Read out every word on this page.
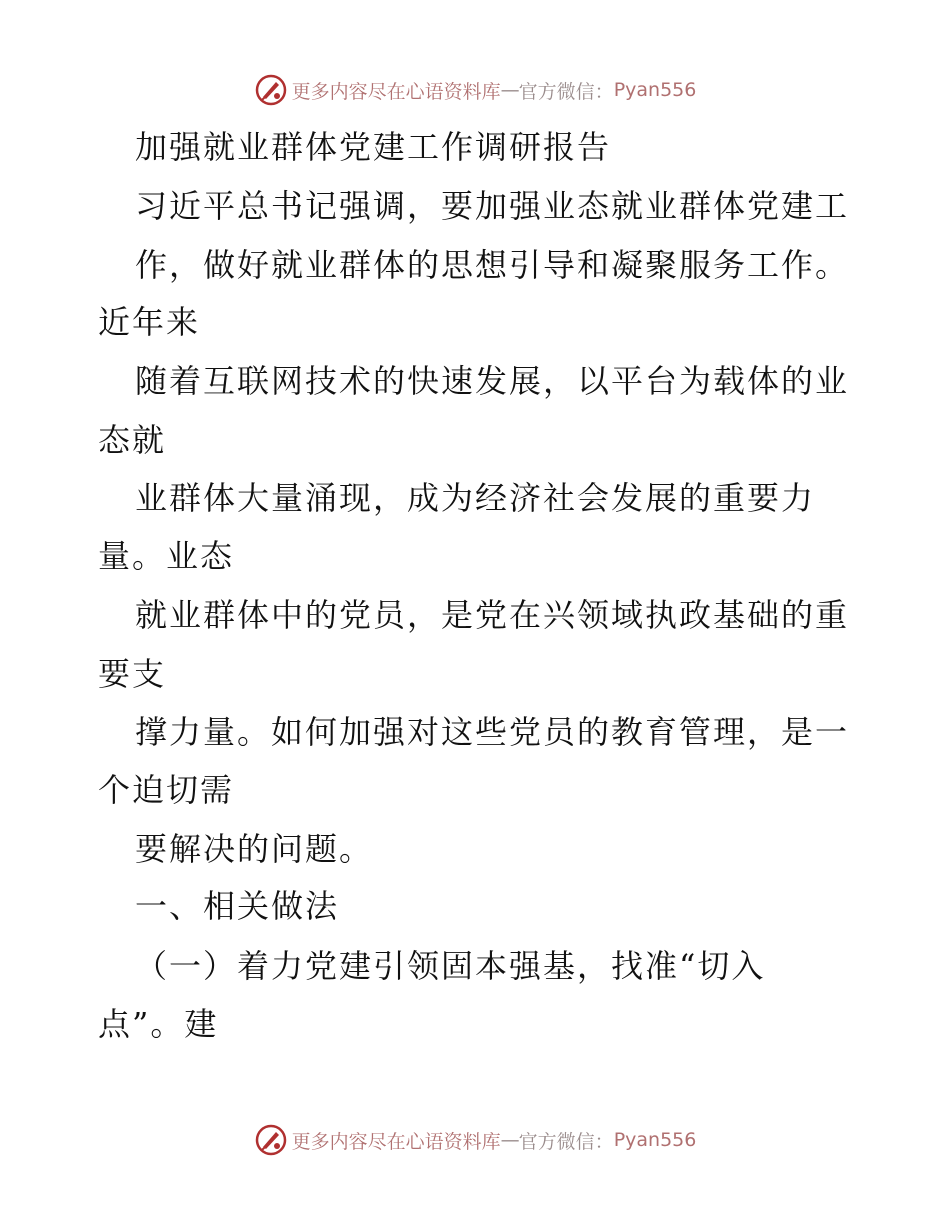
更多内容尽在心语资料库 — 官方微信： Pyan556
加强就业群体党建工作调研报告
习近平总书记强调，要加强业态就业群体党建工
作，做好就业群体的思想引导和凝聚服务工作。
近年来
随着互联网技术的快速发展，以平台为载体的业
态就
业群体大量涌现，成为经济社会发展的重要力
量。业态
就业群体中的党员，是党在兴领域执政基础的重
要支
撑力量。如何加强对这些党员的教育管理，是一
个迫切需
要解决的问题。
一、相关做法
（一）着力党建引领固本强基，找准“切入
点”。建
更多内容尽在心语资料库 — 官方微信： Pyan556
